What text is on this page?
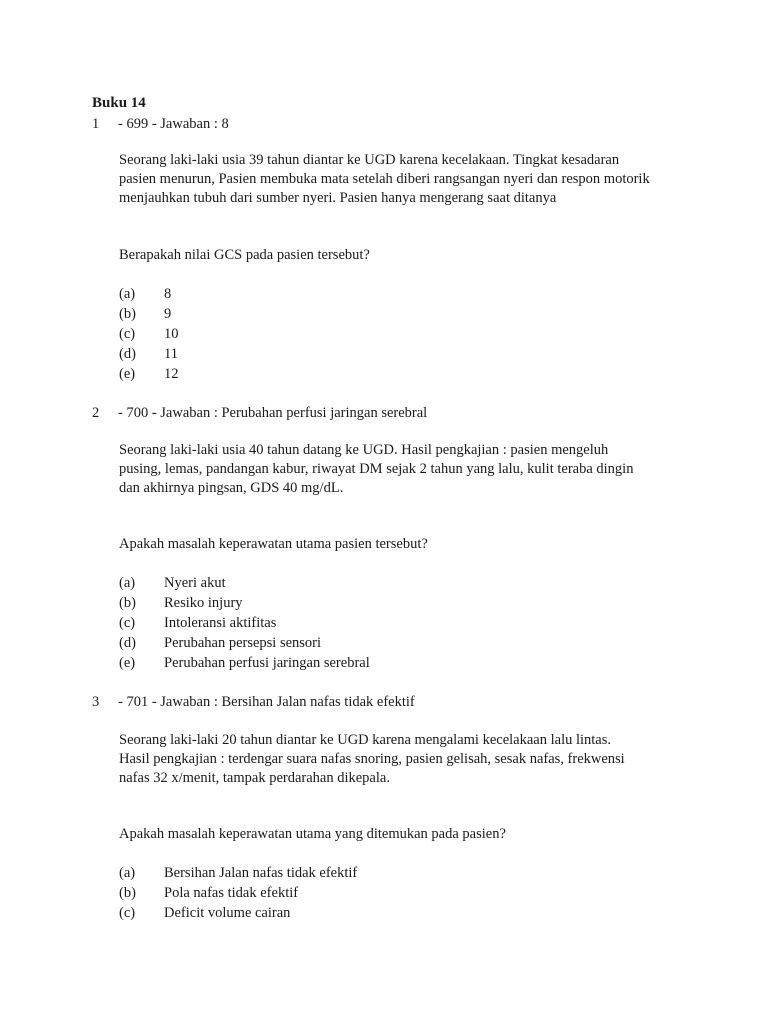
Buku 14
1 - 699 - Jawaban : 8

Seorang laki-laki usia 39 tahun diantar ke UGD karena kecelakaan. Tingkat kesadaran

pasien menurun, Pasien membuka mata setelah diberi rangsangan nyeri dan respon motorik

menjauhkan tubuh dari sumber nyeri. Pasien hanya mengerang saat ditanya

Berapakah nilai GCS pada pasien tersebut?
(a) 8
(b) 9
(c) 10
(d) 11
(e) 12
2 - 700 - Jawaban : Perubahan perfusi jaringan serebral

Seorang laki-laki usia 40 tahun datang ke UGD. Hasil pengkajian : pasien mengeluh

pusing, lemas, pandangan kabur, riwayat DM sejak 2 tahun yang lalu, kulit teraba dingin

dan akhirnya pingsan, GDS 40 mg/dL.

Apakah masalah keperawatan utama pasien tersebut?
(a) Nyeri akut
(b) Resiko injury
(c) Intoleransi aktifitas
(d) Perubahan persepsi sensori
(e) Perubahan perfusi jaringan serebral
3 - 701 - Jawaban : Bersihan Jalan nafas tidak efektif

Seorang laki-laki 20 tahun diantar ke UGD karena mengalami kecelakaan lalu lintas.

Hasil pengkajian : terdengar suara nafas snoring, pasien gelisah, sesak nafas, frekwensi

nafas 32 x/menit, tampak perdarahan dikepala.

Apakah masalah keperawatan utama yang ditemukan pada pasien?
(a) Bersihan Jalan nafas tidak efektif
(b) Pola nafas tidak efektif
(c) Deficit volume cairan
